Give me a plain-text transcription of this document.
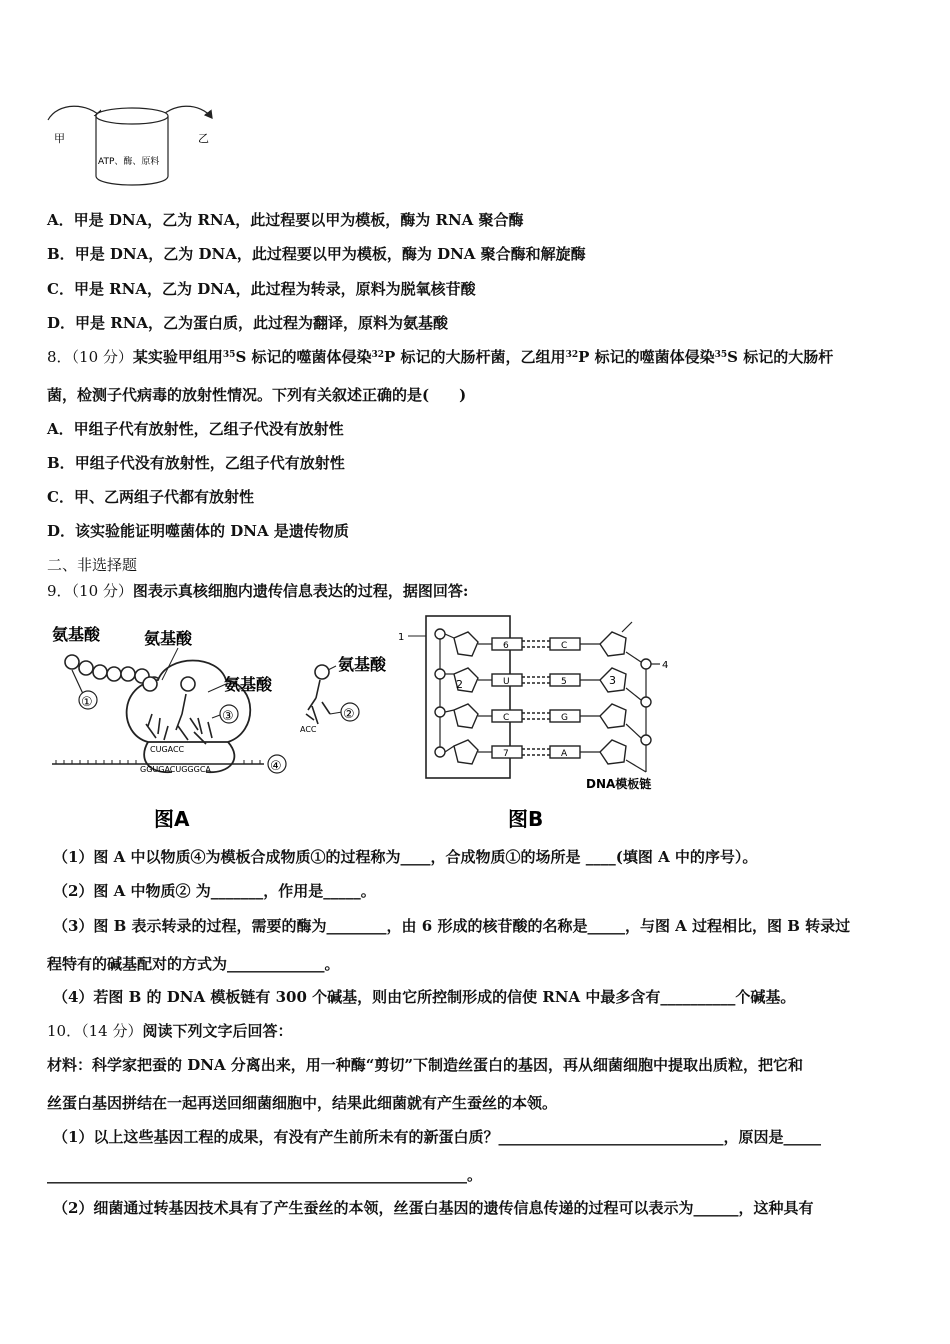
甲	乙
ATP、酶、原料
A．甲是 DNA，乙为 RNA，此过程要以甲为模板，酶为 RNA 聚合酶
B．甲是 DNA，乙为 DNA，此过程要以甲为模板，酶为 DNA 聚合酶和解旋酶
C．甲是 RNA，乙为 DNA，此过程为转录，原料为脱氧核苷酸
D．甲是 RNA，乙为蛋白质，此过程为翻译，原料为氨基酸
8．（10 分）某实验甲组用$^{35}$S 标记的噬菌体侵染$^{32}$P 标记的大肠杆菌，乙组用$^{32}$P 标记的噬菌体侵染$^{35}$S 标记的大肠杆
菌，检测子代病毒的放射性情况。下列有关叙述正确的是(　　)
A．甲组子代有放射性，乙组子代没有放射性
B．甲组子代没有放射性，乙组子代有放射性
C．甲、乙两组子代都有放射性
D．该实验能证明噬菌体的 DNA 是遗传物质
二、非选择题
9．（10 分）图表示真核细胞内遗传信息表达的过程，据图回答:
CUGACC
GGUGACUGGGCA
氨基酸	氨基酸
氨基酸
①
③
④
图A
氨基酸
ACC
②
1
6
U
C
7
C
5
G
A
2	3
4
DNA模板链
图B
（1）图 A 中以物质④为模板合成物质①的过程称为____，合成物质①的场所是 ____(填图 A 中的序号）。
（2）图 A 中物质② 为_______，作用是_____。
（3）图 B 表示转录的过程，需要的酶为________，由 6 形成的核苷酸的名称是_____，与图 A 过程相比，图 B 转录过
程特有的碱基配对的方式为_____________。
（4）若图 B 的 DNA 模板链有 300 个碱基，则由它所控制形成的信使 RNA 中最多含有__________个碱基。
10．（14 分）阅读下列文字后回答：
材料：科学家把蚕的 DNA 分离出来，用一种酶“剪切”下制造丝蛋白的基因，再从细菌细胞中提取出质粒，把它和
丝蛋白基因拼结在一起再送回细菌细胞中，结果此细菌就有产生蚕丝的本领。
（1）以上这些基因工程的成果，有没有产生前所未有的新蛋白质？______________________________，原因是_____
________________________________________________________。
（2）细菌通过转基因技术具有了产生蚕丝的本领，丝蛋白基因的遗传信息传递的过程可以表示为______，这种具有
